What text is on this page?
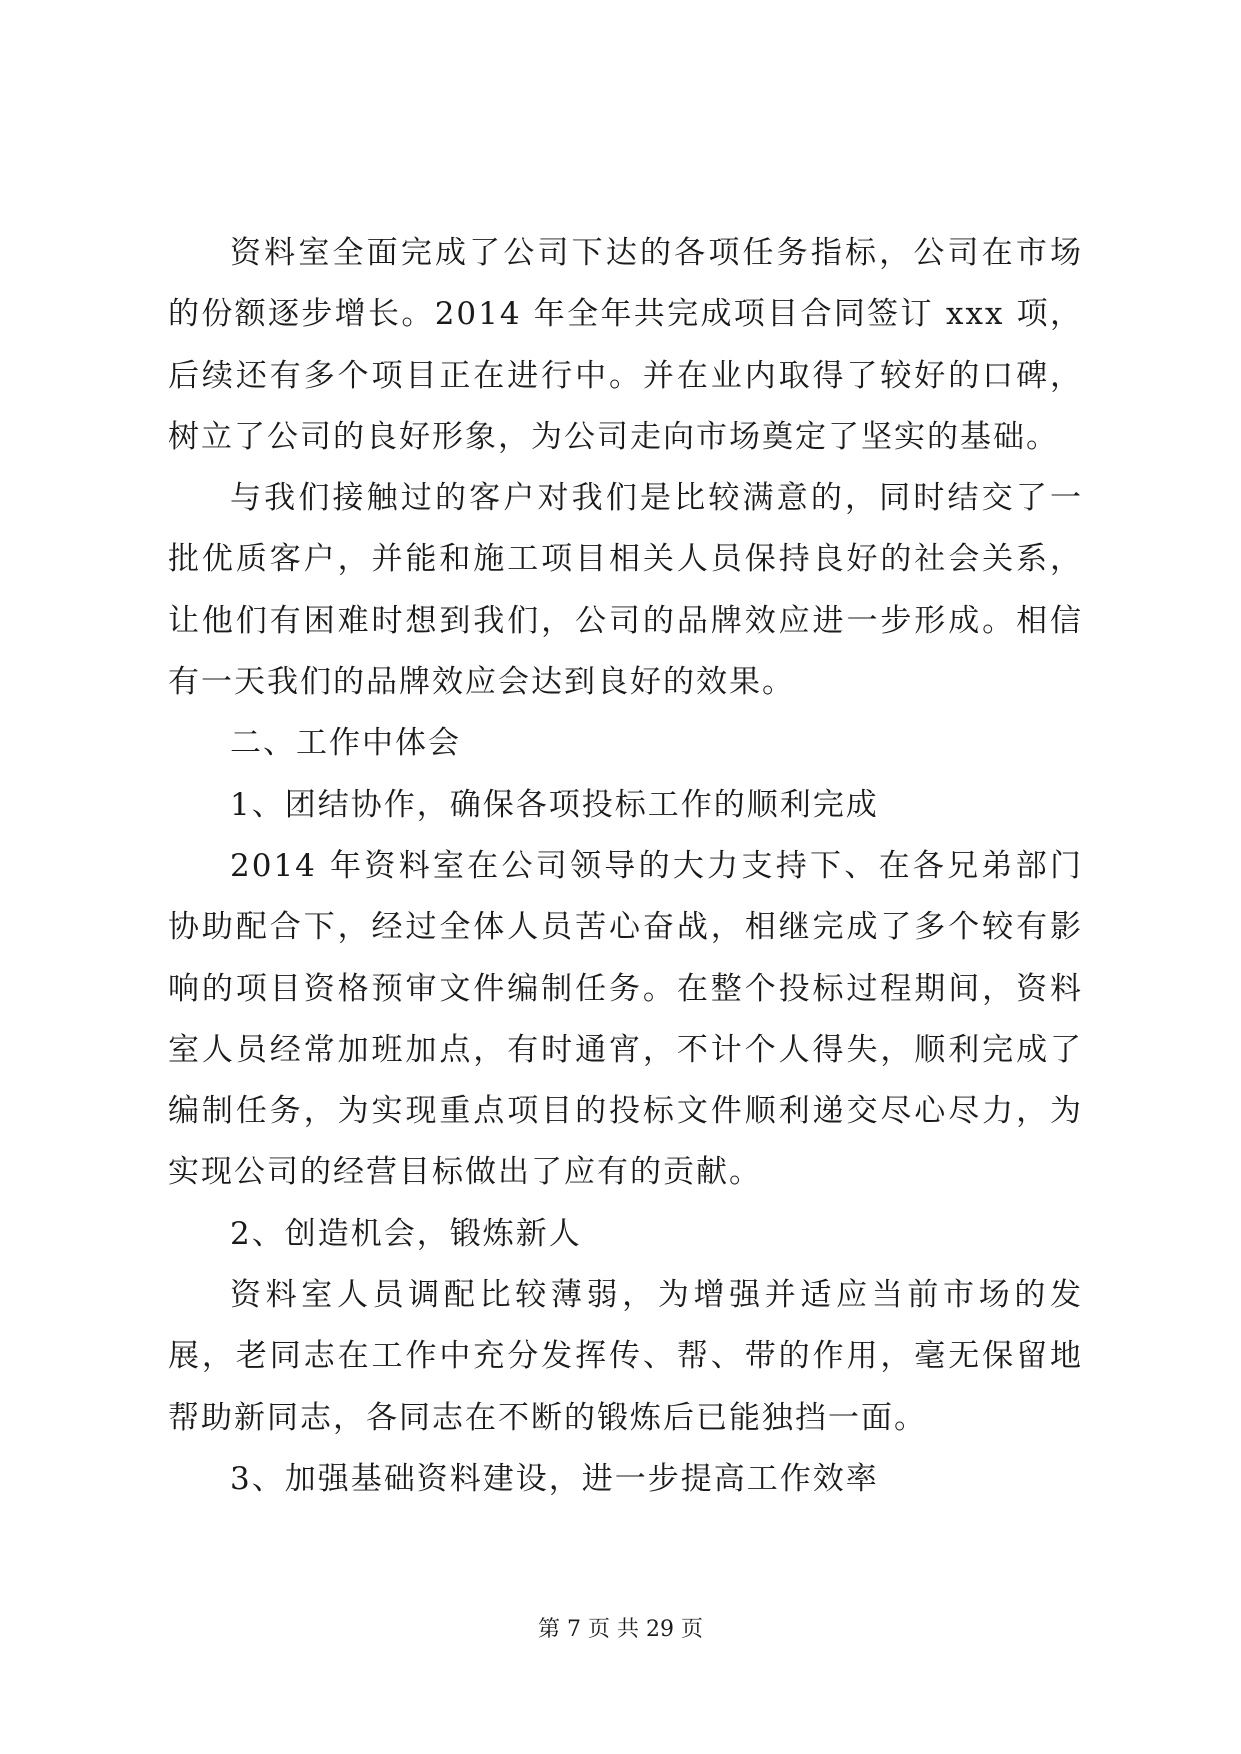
资料室全面完成了公司下达的各项任务指标，公司在市场的份额逐步增长。2014 年全年共完成项目合同签订 xxx 项，后续还有多个项目正在进行中。并在业内取得了较好的口碑，树立了公司的良好形象，为公司走向市场奠定了坚实的基础。

与我们接触过的客户对我们是比较满意的，同时结交了一批优质客户，并能和施工项目相关人员保持良好的社会关系，让他们有困难时想到我们，公司的品牌效应进一步形成。相信有一天我们的品牌效应会达到良好的效果。

二、工作中体会

1、团结协作，确保各项投标工作的顺利完成

2014 年资料室在公司领导的大力支持下、在各兄弟部门协助配合下，经过全体人员苦心奋战，相继完成了多个较有影响的项目资格预审文件编制任务。在整个投标过程期间，资料室人员经常加班加点，有时通宵，不计个人得失，顺利完成了编制任务，为实现重点项目的投标文件顺利递交尽心尽力，为实现公司的经营目标做出了应有的贡献。

2、创造机会，锻炼新人

资料室人员调配比较薄弱，为增强并适应当前市场的发展，老同志在工作中充分发挥传、帮、带的作用，毫无保留地帮助新同志，各同志在不断的锻炼后已能独挡一面。

3、加强基础资料建设，进一步提高工作效率

第 7 页 共 29 页
